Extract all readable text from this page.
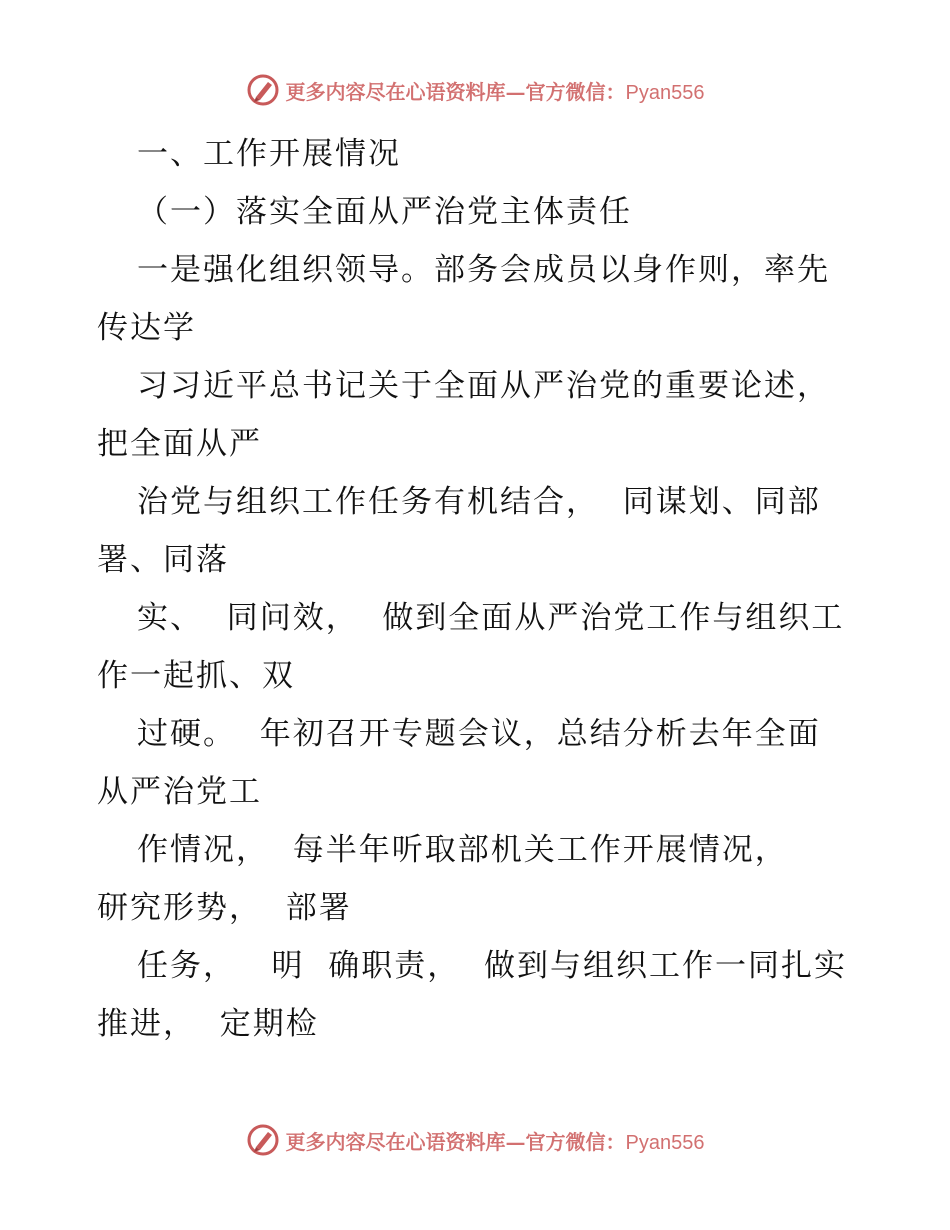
更多内容尽在心语资料库—官方微信：Pyan556
一、工作开展情况
（一）落实全面从严治党主体责任
一是强化组织领导。部务会成员以身作则，率先
传达学
习习近平总书记关于全面从严治党的重要论述，
把全面从严
治党与组织工作任务有机结合，  同谋划、同部
署、同落
实、  同问效，  做到全面从严治党工作与组织工
作一起抓、双
过硬。  年初召开专题会议，总结分析去年全面
从严治党工
作情况，  每半年听取部机关工作开展情况，
研究形势，  部署
任务，   明  确职责，  做到与组织工作一同扎实
推进，  定期检
更多内容尽在心语资料库—官方微信：Pyan556
